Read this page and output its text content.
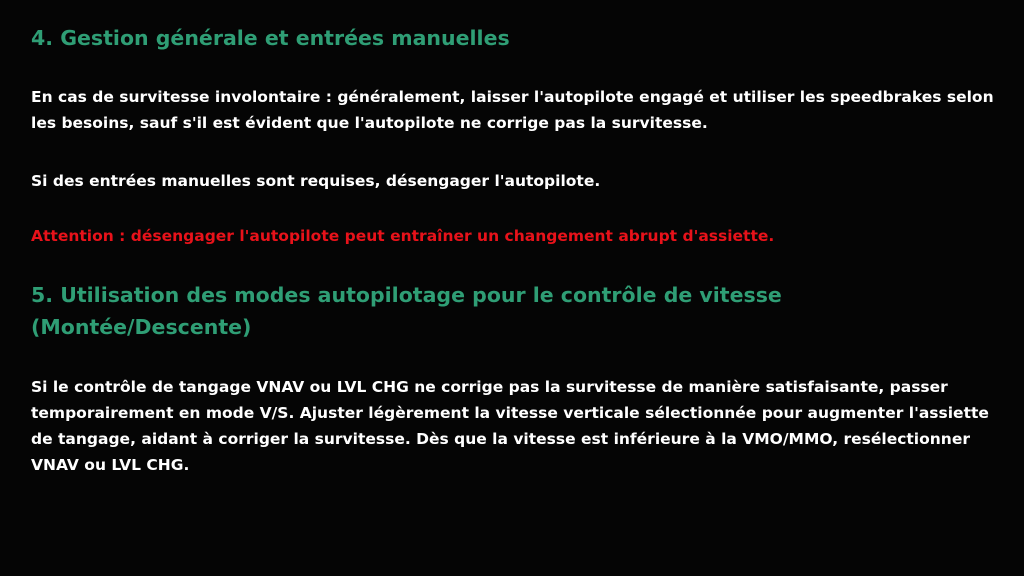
4. Gestion générale et entrées manuelles

En cas de survitesse involontaire : généralement, laisser l'autopilote engagé et utiliser les speedbrakes selon les besoins, sauf s'il est évident que l'autopilote ne corrige pas la survitesse.

Si des entrées manuelles sont requises, désengager l'autopilote.

Attention : désengager l'autopilote peut entraîner un changement abrupt d'assiette.

5. Utilisation des modes autopilotage pour le contrôle de vitesse (Montée/Descente)

Si le contrôle de tangage VNAV ou LVL CHG ne corrige pas la survitesse de manière satisfaisante, passer temporairement en mode V/S. Ajuster légèrement la vitesse verticale sélectionnée pour augmenter l'assiette de tangage, aidant à corriger la survitesse. Dès que la vitesse est inférieure à la VMO/MMO, resélectionner VNAV ou LVL CHG.
